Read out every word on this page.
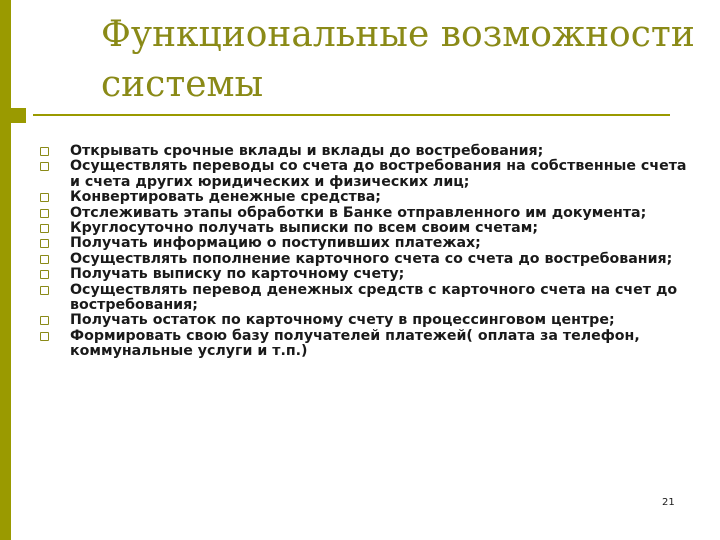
Функциональные возможности системы
Открывать срочные вклады и вклады до востребования;
Осуществлять переводы со счета до востребования на собственные счета и счета других юридических и физических лиц;
Конвертировать денежные средства;
Отслеживать этапы обработки в Банке отправленного им документа;
Круглосуточно получать выписки по всем своим счетам;
Получать информацию о поступивших платежах;
Осуществлять пополнение карточного счета со счета до востребования;
Получать выписку по карточному счету;
Осуществлять перевод денежных средств с карточного счета на счет до востребования;
Получать остаток по карточному счету в процессинговом центре;
Формировать свою базу получателей платежей( оплата за телефон, коммунальные услуги и т.п.)
21
